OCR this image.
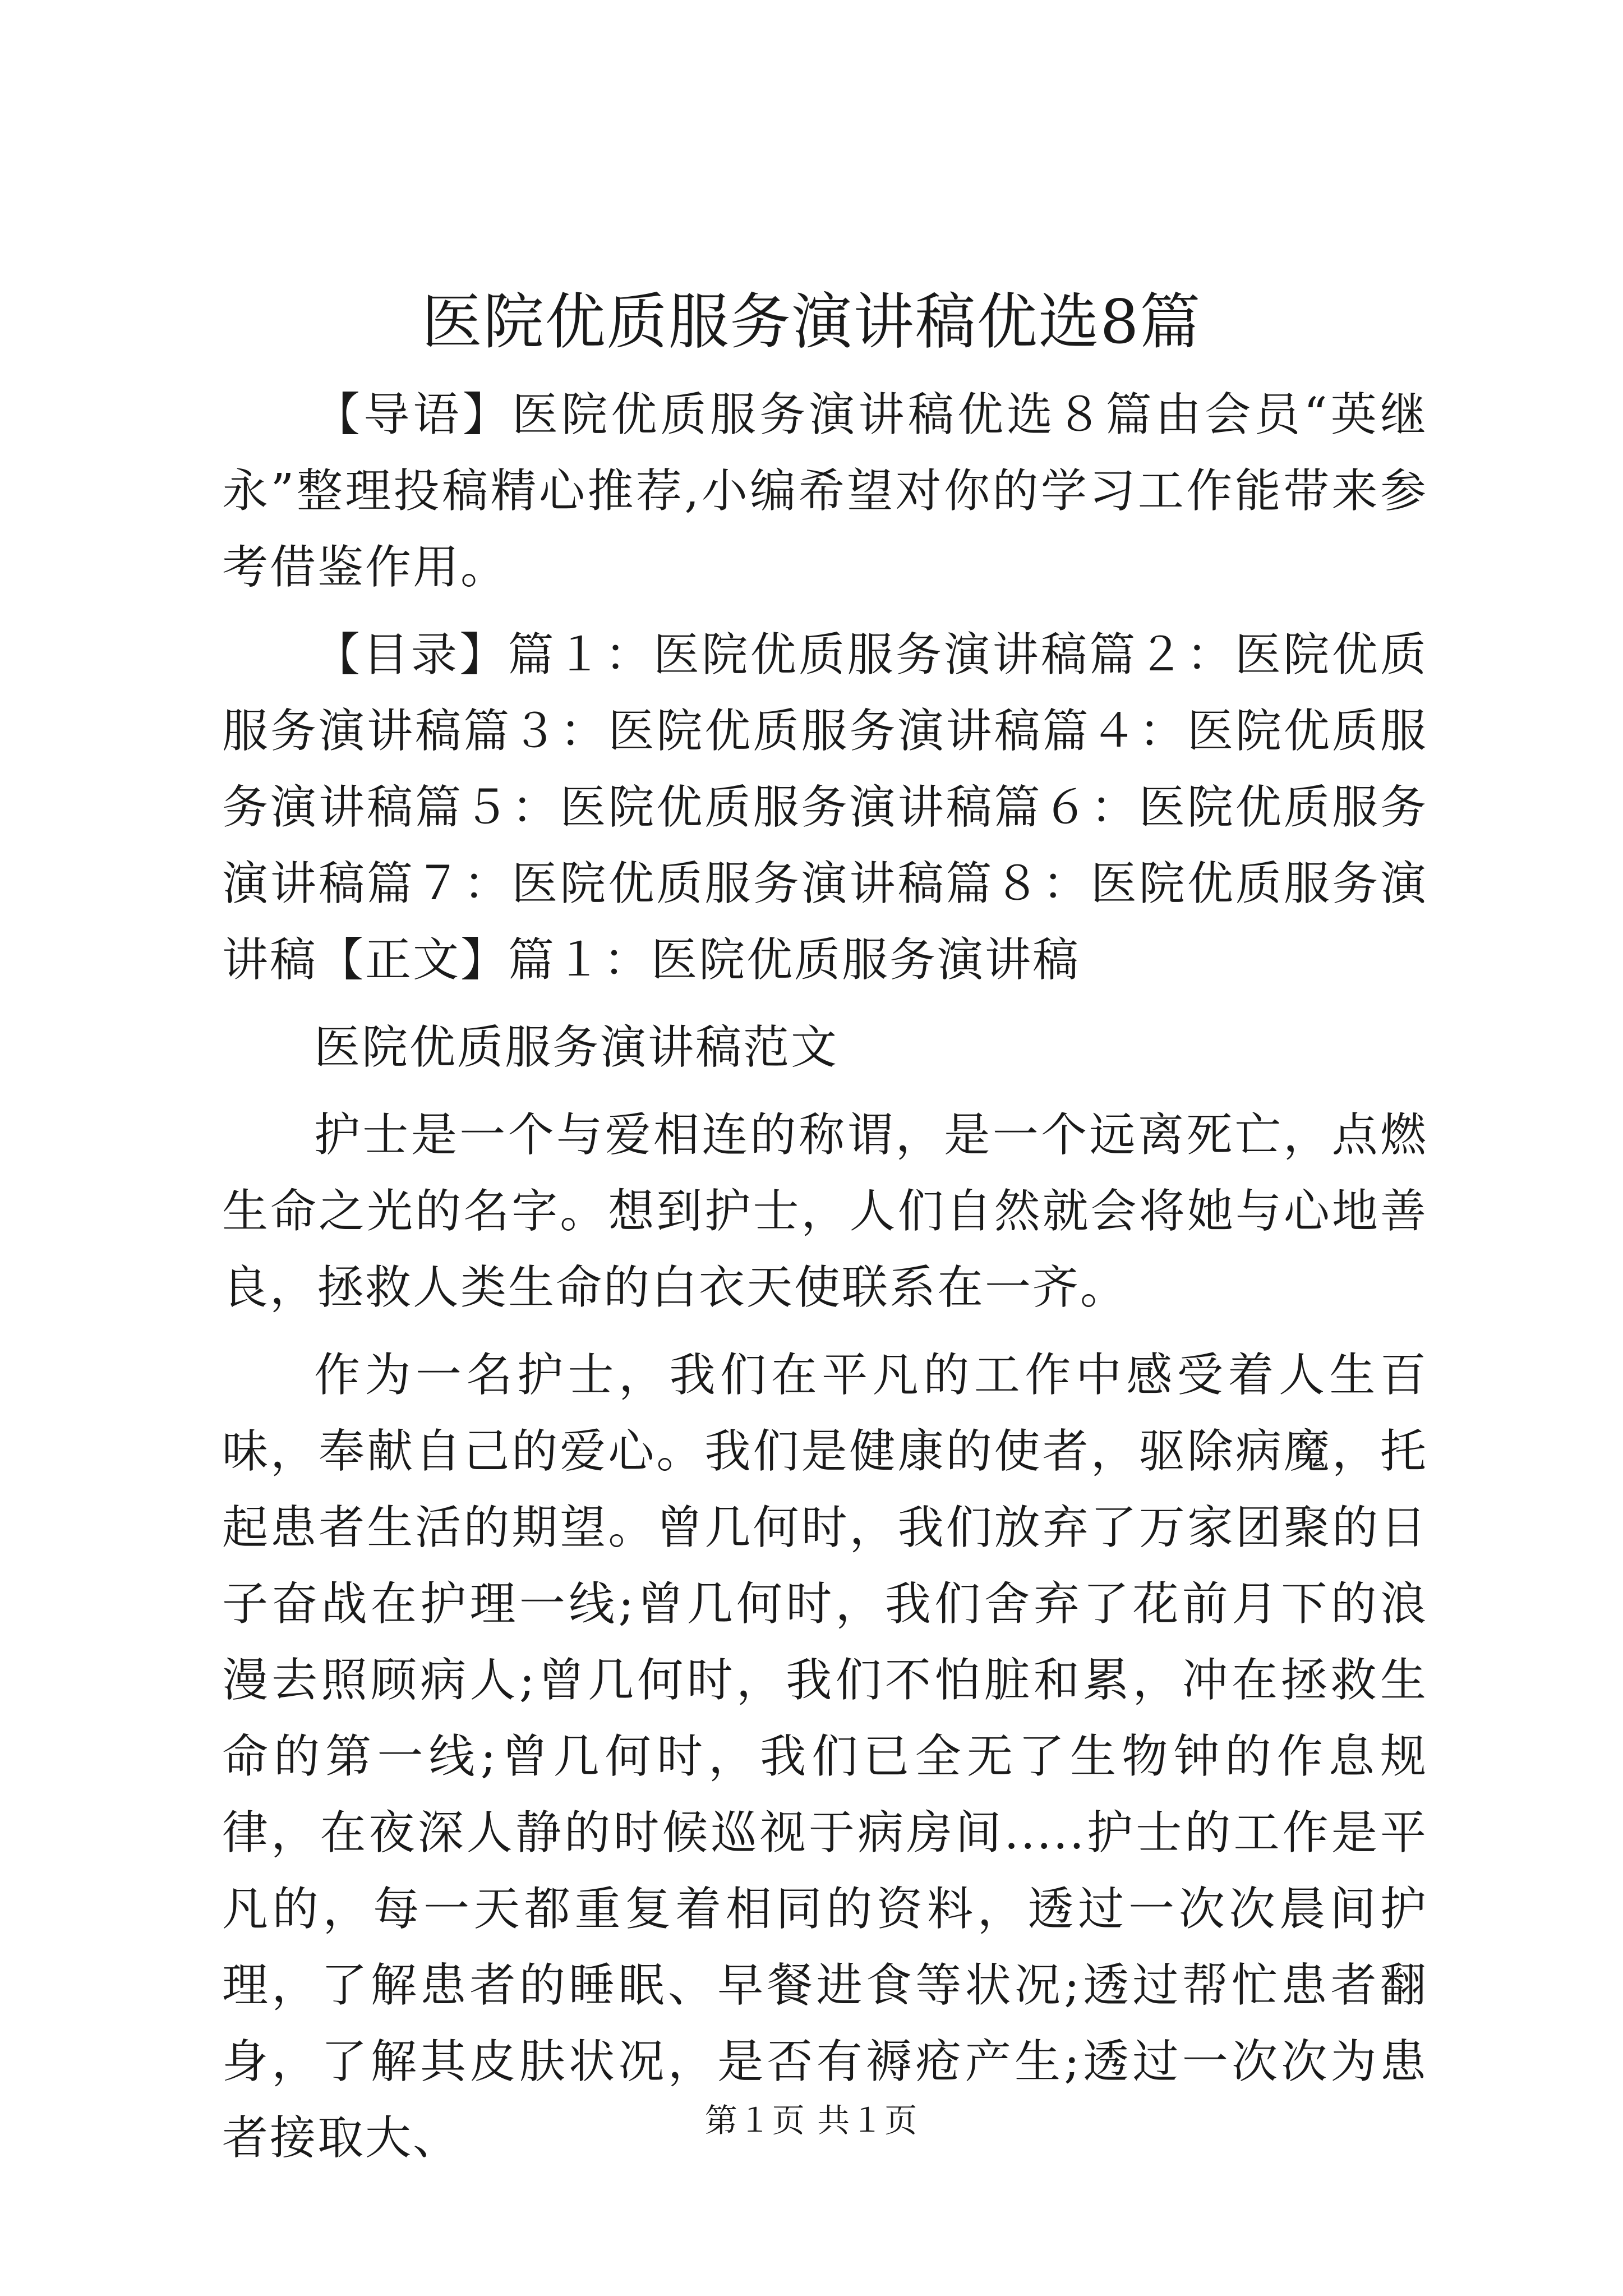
医院优质服务演讲稿优选8篇

【导语】医院优质服务演讲稿优选８篇由会员“英继永”整理投稿精心推荐,小编希望对你的学习工作能带来参考借鉴作用。

【目录】篇１：医院优质服务演讲稿篇２：医院优质服务演讲稿篇３：医院优质服务演讲稿篇４：医院优质服务演讲稿篇５：医院优质服务演讲稿篇６：医院优质服务演讲稿篇７：医院优质服务演讲稿篇８：医院优质服务演讲稿【正文】篇１：医院优质服务演讲稿

医院优质服务演讲稿范文

护士是一个与爱相连的称谓，是一个远离死亡，点燃生命之光的名字。想到护士，人们自然就会将她与心地善良，拯救人类生命的白衣天使联系在一齐。

作为一名护士，我们在平凡的工作中感受着人生百味，奉献自己的爱心。我们是健康的使者，驱除病魔，托起患者生活的期望。曾几何时，我们放弃了万家团聚的日子奋战在护理一线;曾几何时，我们舍弃了花前月下的浪漫去照顾病人;曾几何时，我们不怕脏和累，冲在拯救生命的第一线;曾几何时，我们已全无了生物钟的作息规律，在夜深人静的时候巡视于病房间.....护士的工作是平凡的，每一天都重复着相同的资料，透过一次次晨间护理，了解患者的睡眠、早餐进食等状况;透过帮忙患者翻身，了解其皮肤状况，是否有褥疮产生;透过一次次为患者接取大、	第１页 共１页
